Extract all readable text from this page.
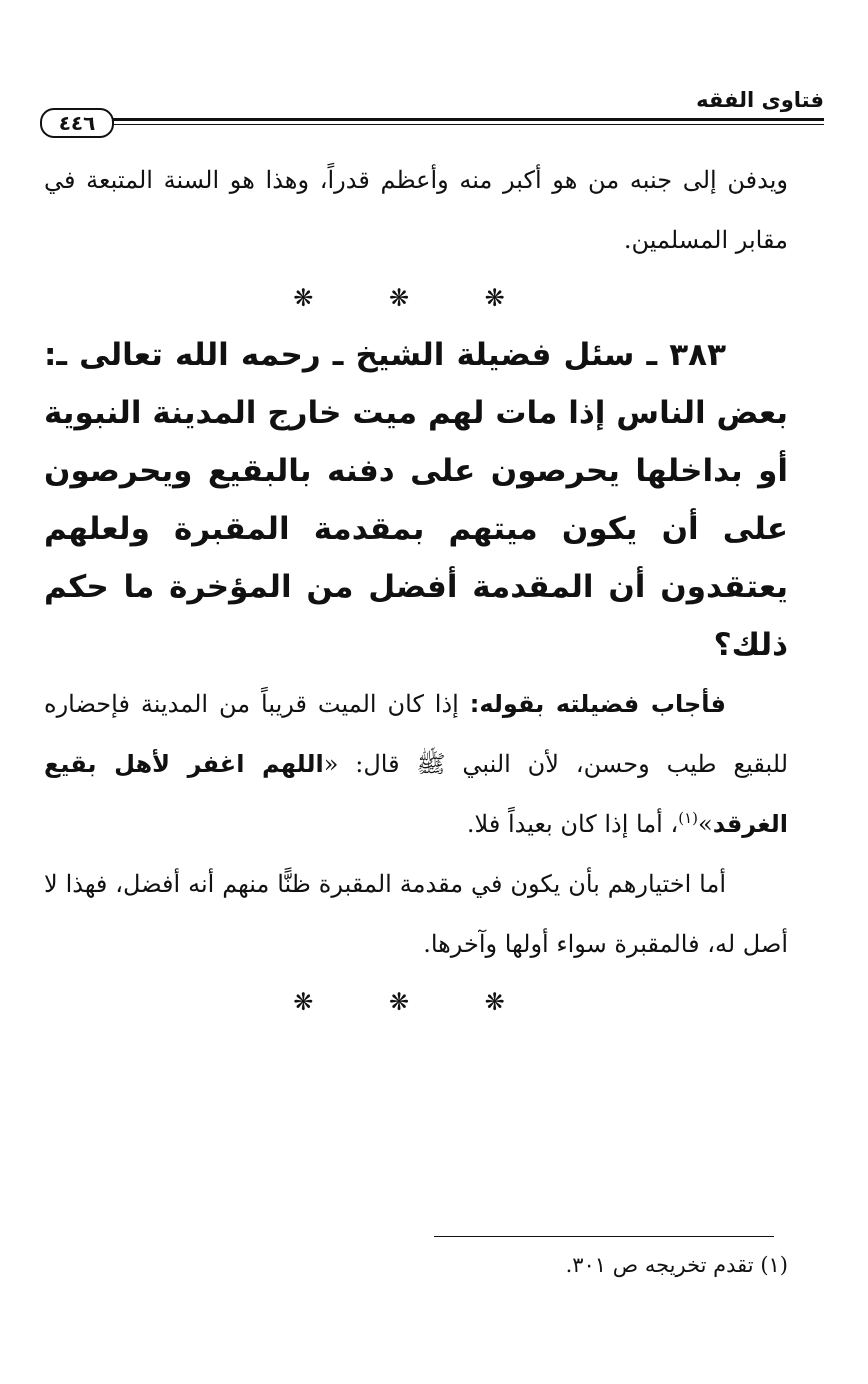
فتاوى الفقه
٤٤٦

ويدفن إلى جنبه من هو أكبر منه وأعظم قدراً، وهذا هو السنة المتبعة في مقابر المسلمين.

❋ ❋ ❋

٣٨٣ ـ سئل فضيلة الشيخ ـ رحمه الله تعالى ـ: بعض الناس إذا مات لهم ميت خارج المدينة النبوية أو بداخلها يحرصون على دفنه بالبقيع ويحرصون على أن يكون ميتهم بمقدمة المقبرة ولعلهم يعتقدون أن المقدمة أفضل من المؤخرة ما حكم ذلك؟

فأجاب فضيلته بقوله: إذا كان الميت قريباً من المدينة فإحضاره للبقيع طيب وحسن، لأن النبي ﷺ قال: «اللهم اغفر لأهل بقيع الغرقد»$^{(١)}$، أما إذا كان بعيداً فلا.

أما اختيارهم بأن يكون في مقدمة المقبرة ظنًّا منهم أنه أفضل، فهذا لا أصل له، فالمقبرة سواء أولها وآخرها.

❋ ❋ ❋
(١) تقدم تخريجه ص ٣٠١.
